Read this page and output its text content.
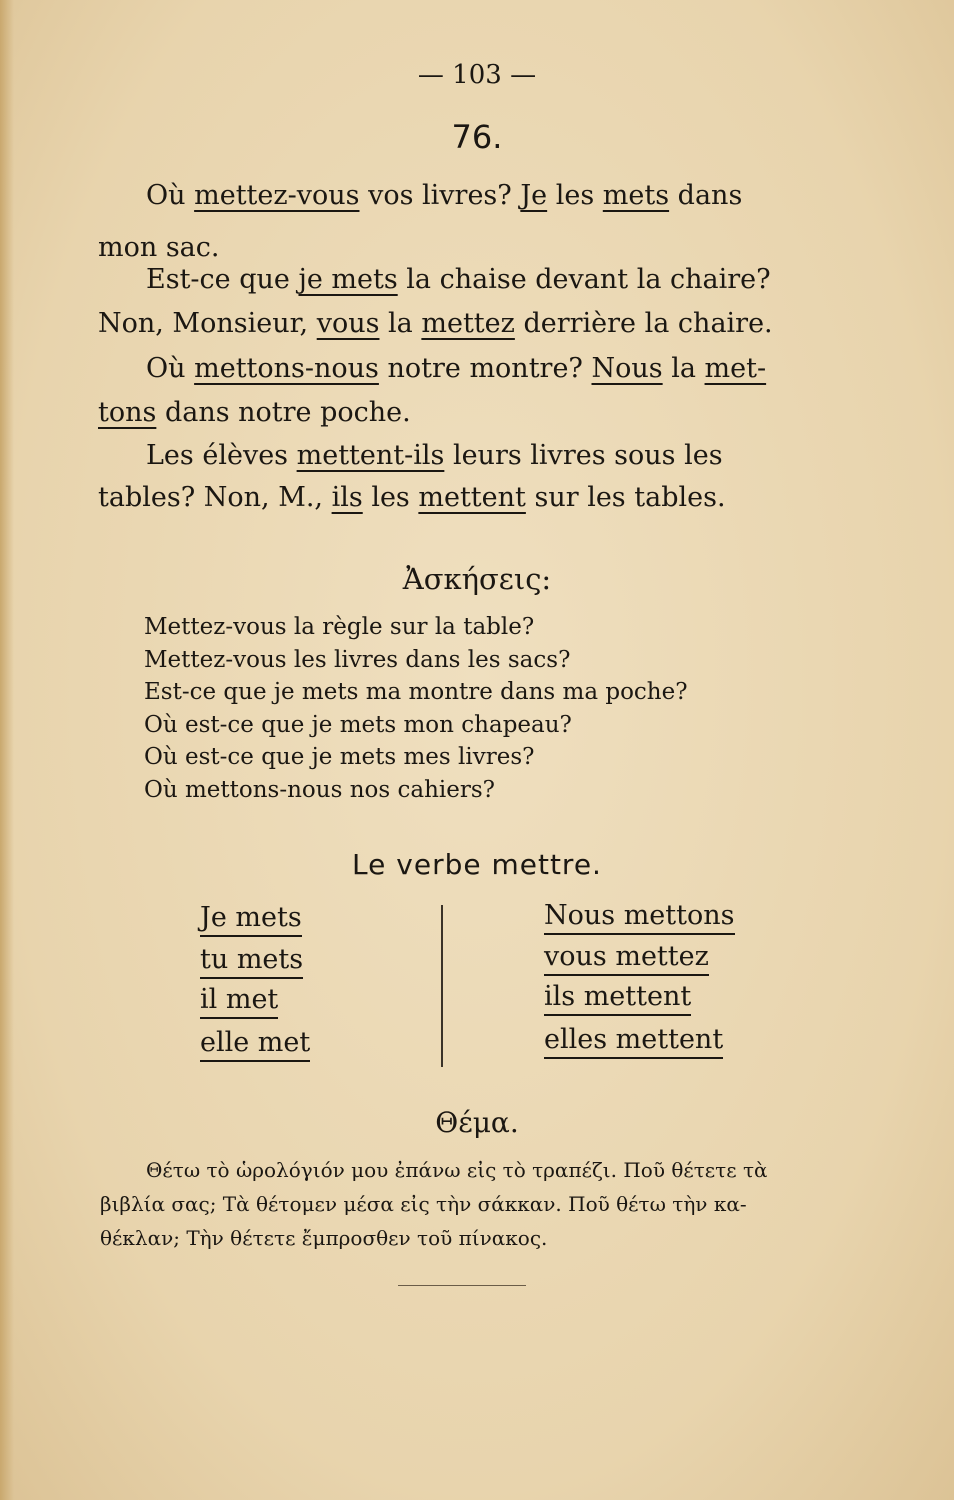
— 103 —
76.
Où mettez-vous vos livres? Je les mets dans
mon sac.
Est-ce que je mets la chaise devant la chaire?
Non, Monsieur, vous la mettez derrière la chaire.
Où mettons-nous notre montre? Nous la met-
tons dans notre poche.
Les élèves mettent-ils leurs livres sous les
tables? Non, M., ils les mettent sur les tables.
Ἀσκήσεις:
Mettez-vous la règle sur la table?
Mettez-vous les livres dans les sacs?
Est-ce que je mets ma montre dans ma poche?
Où est-ce que je mets mon chapeau?
Où est-ce que je mets mes livres?
Où mettons-nous nos cahiers?
Le verbe mettre.
Je mets
tu mets
il met
elle met
Nous mettons
vous mettez
ils mettent
elles mettent
Θέμα.
Θέτω τὸ ὡρολόγιόν μου ἐπάνω εἰς τὸ τραπέζι. Ποῦ θέτετε τὰ
βιβλία σας; Τὰ θέτομεν μέσα εἰς τὴν σάκκαν. Ποῦ θέτω τὴν κα-
θέκλαν; Τὴν θέτετε ἔμπροσθεν τοῦ πίνακος.
